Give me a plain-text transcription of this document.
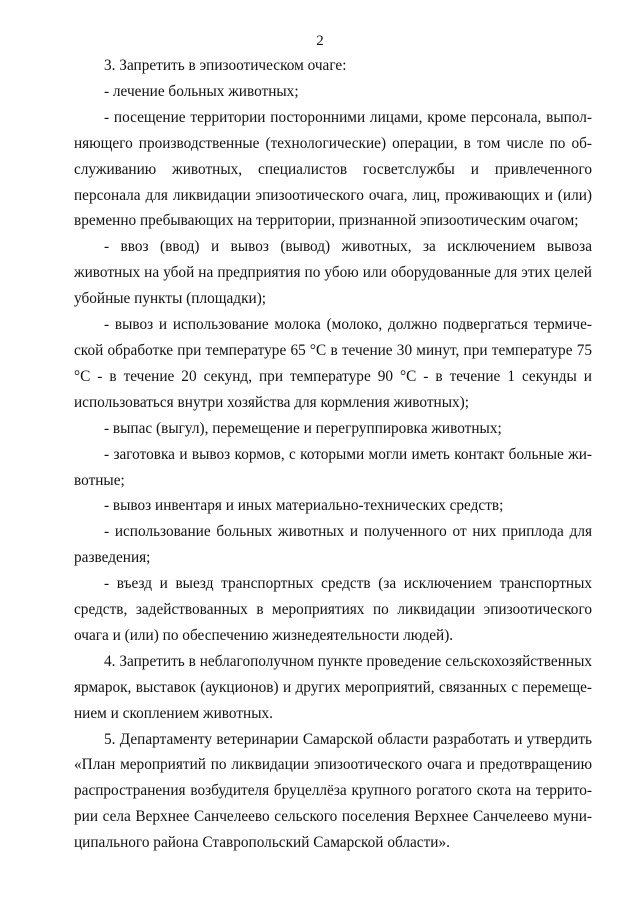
2

3. Запретить в эпизоотическом очаге:

- лечение больных животных;

- посещение территории посторонними лицами, кроме персонала, выполняющего производственные (технологические) операции, в том числе по обслуживанию животных, специалистов госветслужбы и привлеченного персонала для ликвидации эпизоотического очага, лиц, проживающих и (или) временно пребывающих на территории, признанной эпизоотическим очагом;

- ввоз (ввод) и вывоз (вывод) животных, за исключением вывоза животных на убой на предприятия по убою или оборудованные для этих целей убойные пункты (площадки);

- вывоз и использование молока (молоко, должно подвергаться термической обработке при температуре 65 °С в течение 30 минут, при температуре 75 °С - в течение 20 секунд, при температуре 90 °С - в течение 1 секунды и использоваться внутри хозяйства для кормления животных);

- выпас (выгул), перемещение и перегруппировка животных;

- заготовка и вывоз кормов, с которыми могли иметь контакт больные животные;

- вывоз инвентаря и иных материально-технических средств;

- использование больных животных и полученного от них приплода для разведения;

- въезд и выезд транспортных средств (за исключением транспортных средств, задействованных в мероприятиях по ликвидации эпизоотического очага и (или) по обеспечению жизнедеятельности людей).

4. Запретить в неблагополучном пункте проведение сельскохозяйственных ярмарок, выставок (аукционов) и других мероприятий, связанных с перемещением и скоплением животных.

5. Департаменту ветеринарии Самарской области разработать и утвердить «План мероприятий по ликвидации эпизоотического очага и предотвращению распространения возбудителя бруцеллёза крупного рогатого скота на территории села Верхнее Санчелеево сельского поселения Верхнее Санчелеево муниципального района Ставропольский Самарской области».
